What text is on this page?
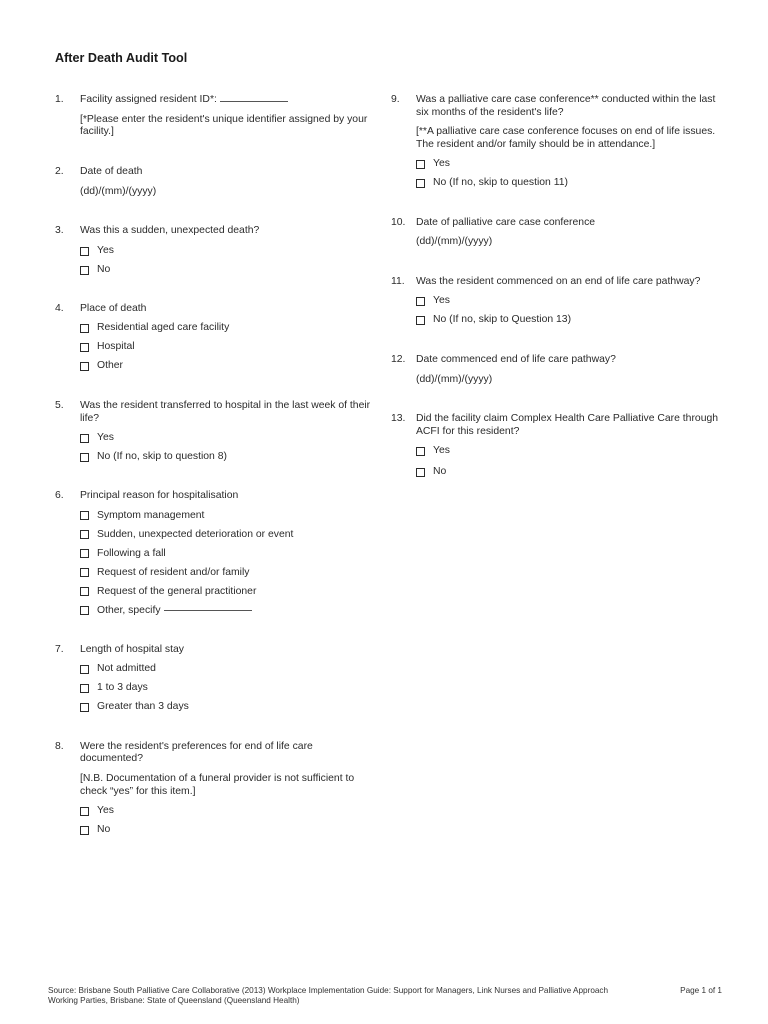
After Death Audit Tool
1.	Facility assigned resident ID*:

[*Please enter the resident's unique identifier assigned by your facility.]

2.	Date of death

(dd)/(mm)/(yyyy)

3.	Was this a sudden, unexpected death?

Yes
No
4.	Place of death

Residential aged care facility
Hospital
Other
5.	Was the resident transferred to hospital in the last week of their life?

Yes
No (If no, skip to question 8)
6.	Principal reason for hospitalisation

Symptom management
Sudden, unexpected deterioration or event
Following a fall
Request of resident and/or family
Request of the general practitioner
Other, specify
7.	Length of hospital stay

Not admitted
1 to 3 days
Greater than 3 days
8.	Were the resident's preferences for end of life care documented?

[N.B. Documentation of a funeral provider is not sufficient to check “yes” for this item.]

Yes
No
9.	Was a palliative care case conference** conducted within the last six months of the resident's life?

[**A palliative care case conference focuses on end of life issues. The resident and/or family should be in attendance.]

Yes
No (If no, skip to question 11)
10.	Date of palliative care case conference

(dd)/(mm)/(yyyy)

11.	Was the resident commenced on an end of life care pathway?

Yes
No (If no, skip to Question 13)
12.	Date commenced end of life care pathway?

(dd)/(mm)/(yyyy)

13.	Did the facility claim Complex Health Care Palliative Care through ACFI for this resident?

Yes
No
Source: Brisbane South Palliative Care Collaborative (2013) Workplace Implementation Guide: Support for Managers, Link Nurses and Palliative Approach Working Parties, Brisbane: State of Queensland (Queensland Health)
Page 1 of 1
